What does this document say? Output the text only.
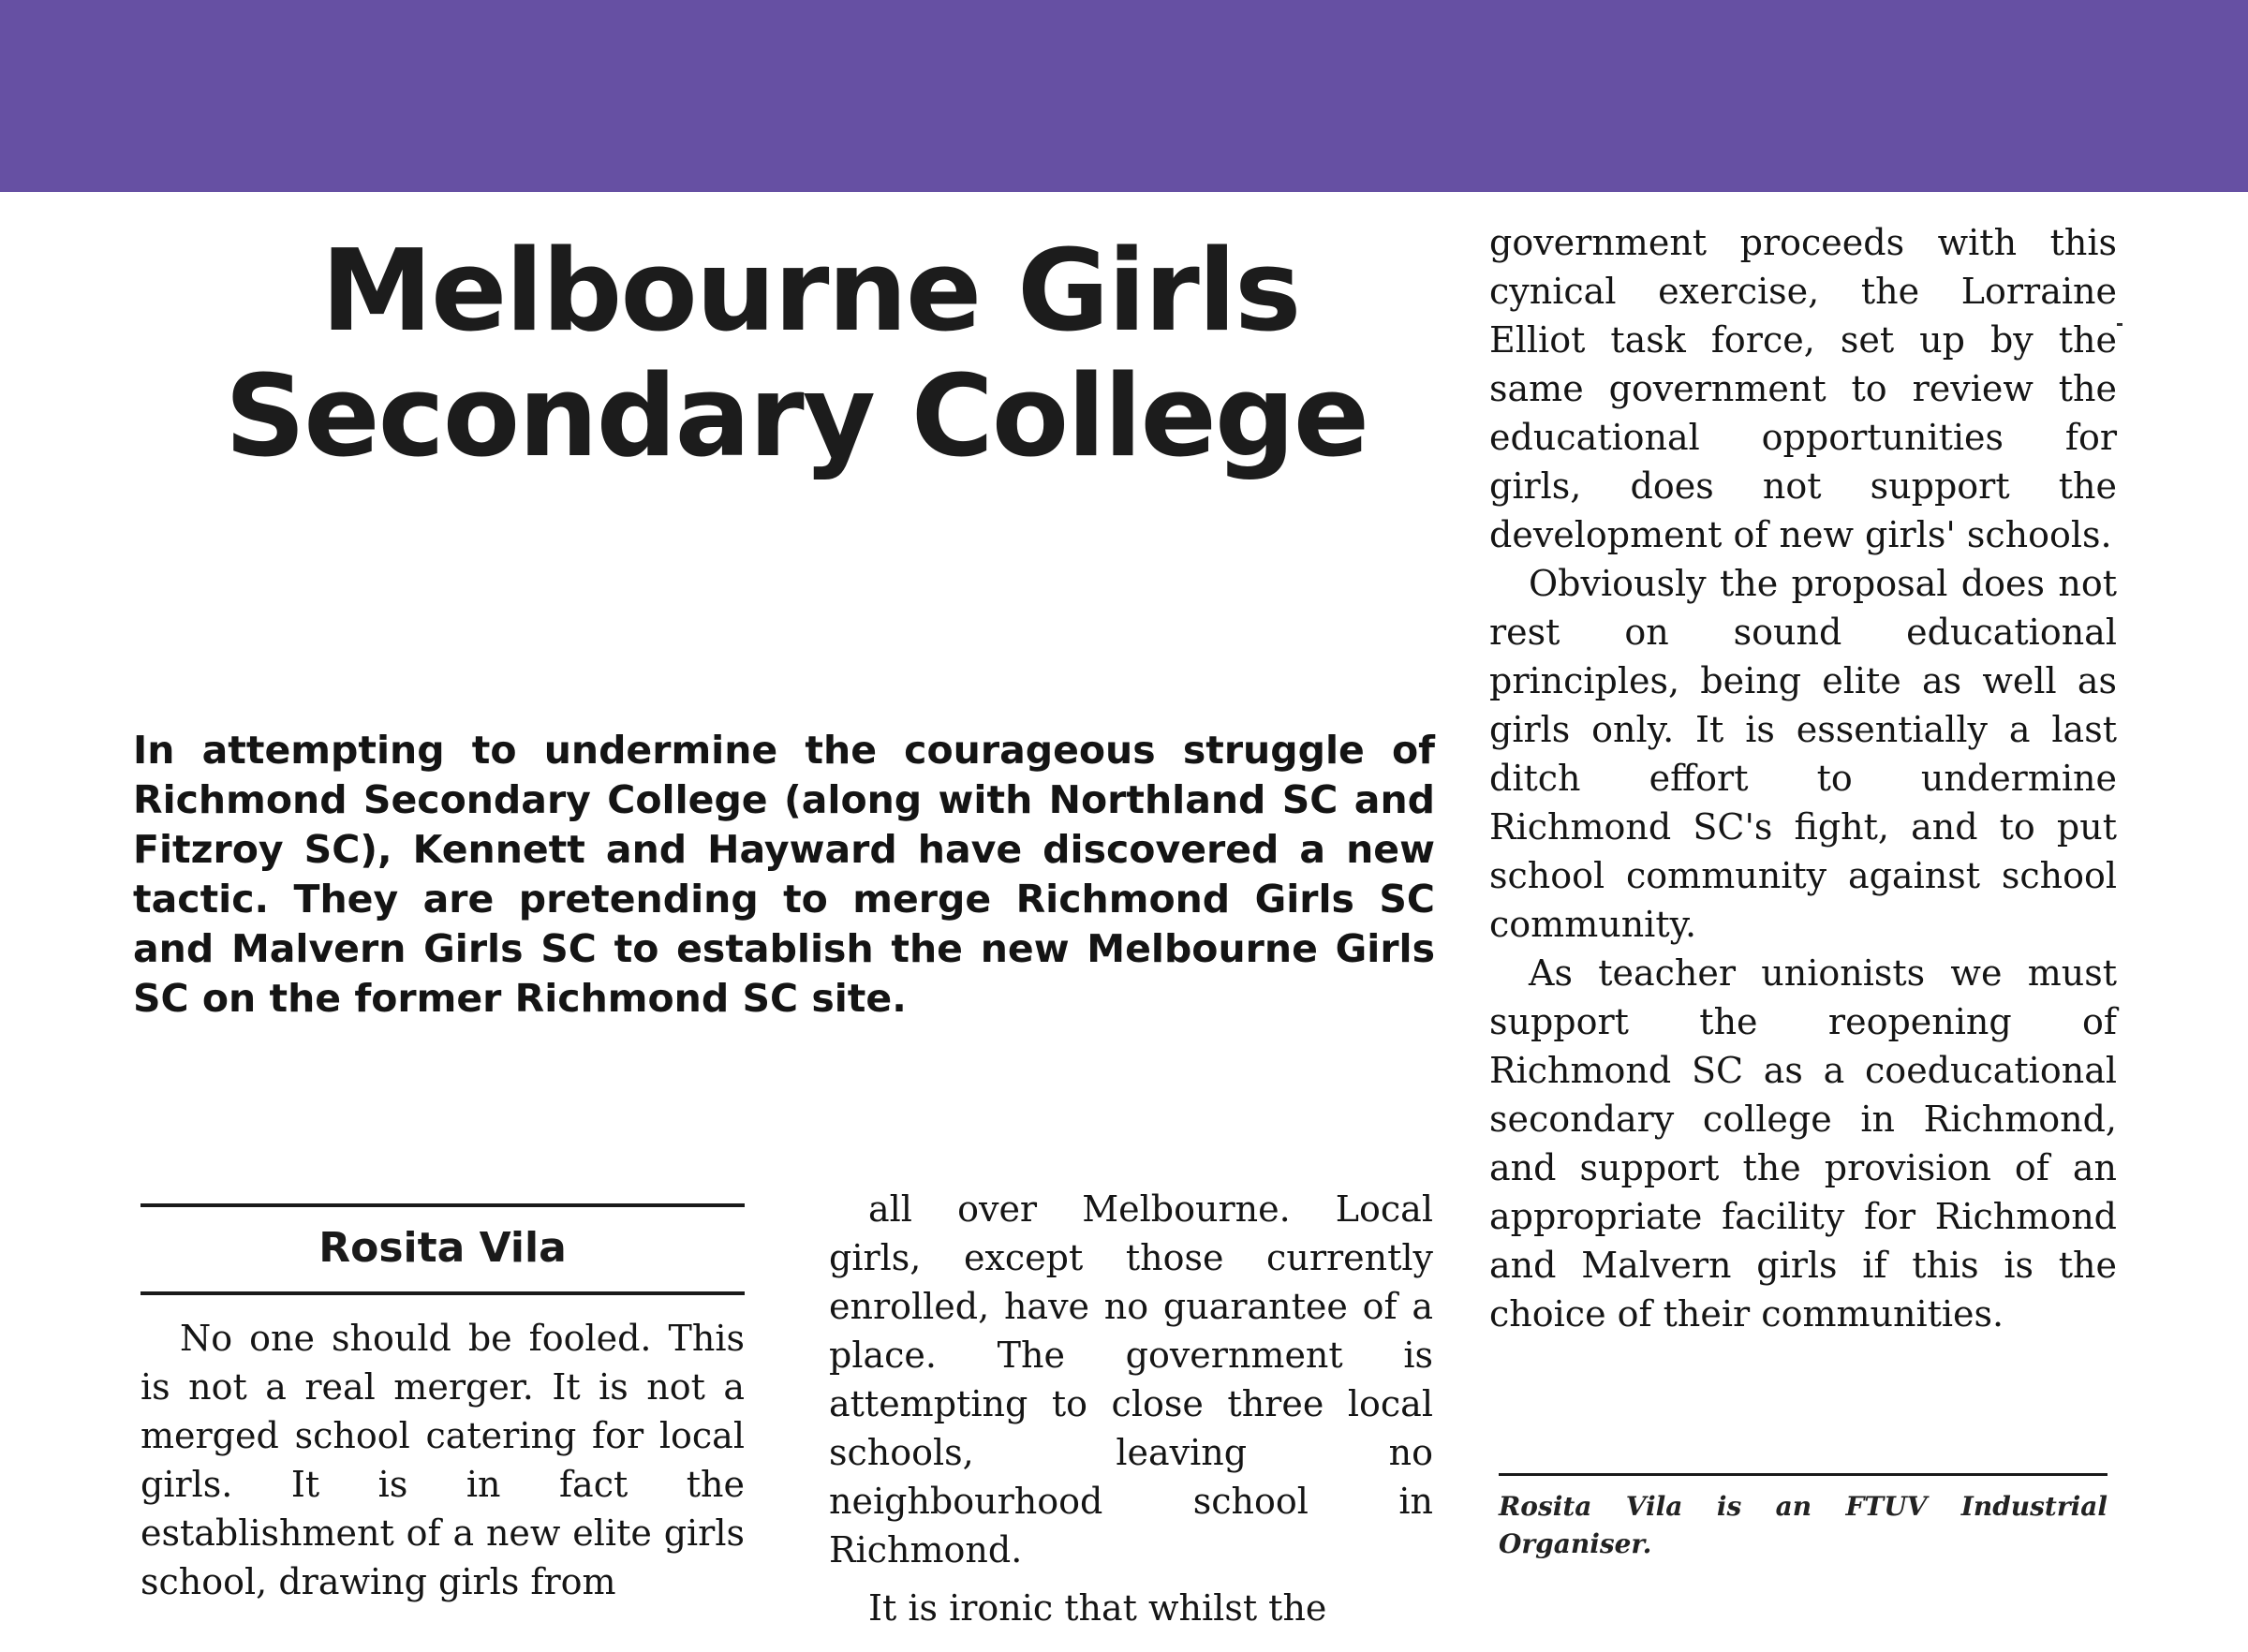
Melbourne Girls
Secondary College

In attempting to undermine the courageous struggle of Richmond Secondary College (along with Northland SC and Fitzroy SC), Kennett and Hayward have discovered a new tactic. They are pretending to merge Richmond Girls SC and Malvern Girls SC to establish the new Melbourne Girls SC on the former Richmond SC site.

Rosita Vila

No one should be fooled. This is not a real merger. It is not a merged school catering for local girls. It is in fact the establishment of a new elite girls school, drawing girls from

all over Melbourne. Local girls, except those currently enrolled, have no guarantee of a place. The government is attempting to close three local schools, leaving no neighbourhood school in Richmond.

It is ironic that whilst the

government proceeds with this cynical exercise, the Lorraine Elliot task force, set up by the same government to review the educational opportunities for girls, does not support the development of new girls' schools.

Obviously the proposal does not rest on sound educational principles, being elite as well as girls only. It is essentially a last ditch effort to undermine Richmond SC's fight, and to put school community against school community.

As teacher unionists we must support the reopening of Richmond SC as a coeducational secondary college in Richmond, and support the provision of an appropriate facility for Richmond and Malvern girls if this is the choice of their communities.

Rosita Vila is an FTUV Industrial Organiser.
